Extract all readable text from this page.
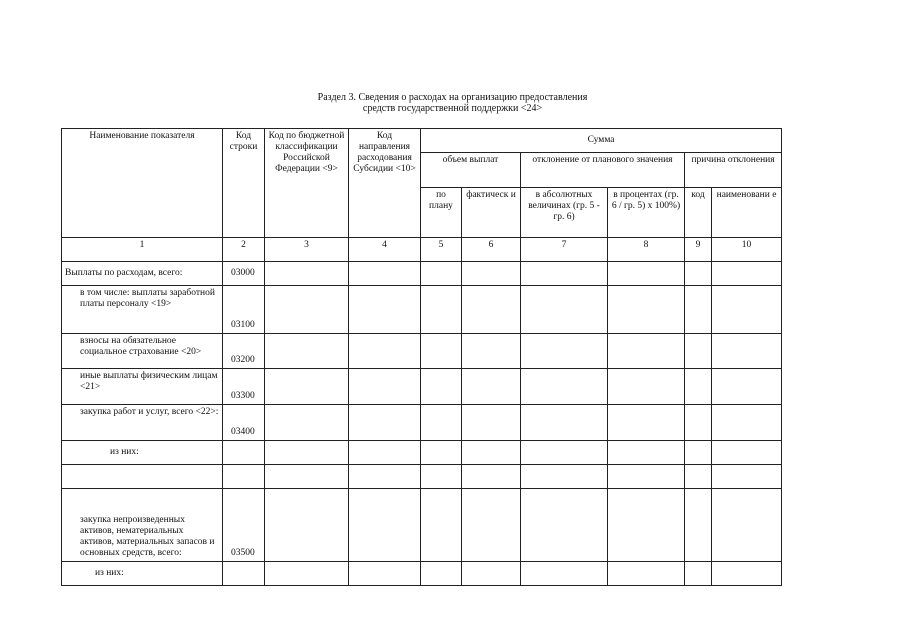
Раздел 3. Сведения о расходах на организацию предоставления
средств государственной поддержки <24>
Наименование показателя	Код строки	Код по бюджетной классификации Российской Федерации <9>	Код направления расходования Субсидии <10>	Сумма					
				объем выплат		отклонение от планового значения		причина отклонения	
				по плану	фактическ и	в абсолютных величинах (гр. 5 - гр. 6)	в процентах (гр. 6 / гр. 5) x 100%)	код	наименовани е
1	2	3	4	5	6	7	8	9	10
Выплаты по расходам, всего:	03000								
в том числе: выплаты заработной платы персоналу <19>	03100								
взносы на обязательное социальное страхование <20>	03200								
иные выплаты физическим лицам <21>	03300								
закупка работ и услуг, всего <22>:	03400								
из них:									

закупка непроизведенных активов, нематериальных активов, материальных запасов и основных средств, всего:	03500								
из них:									
